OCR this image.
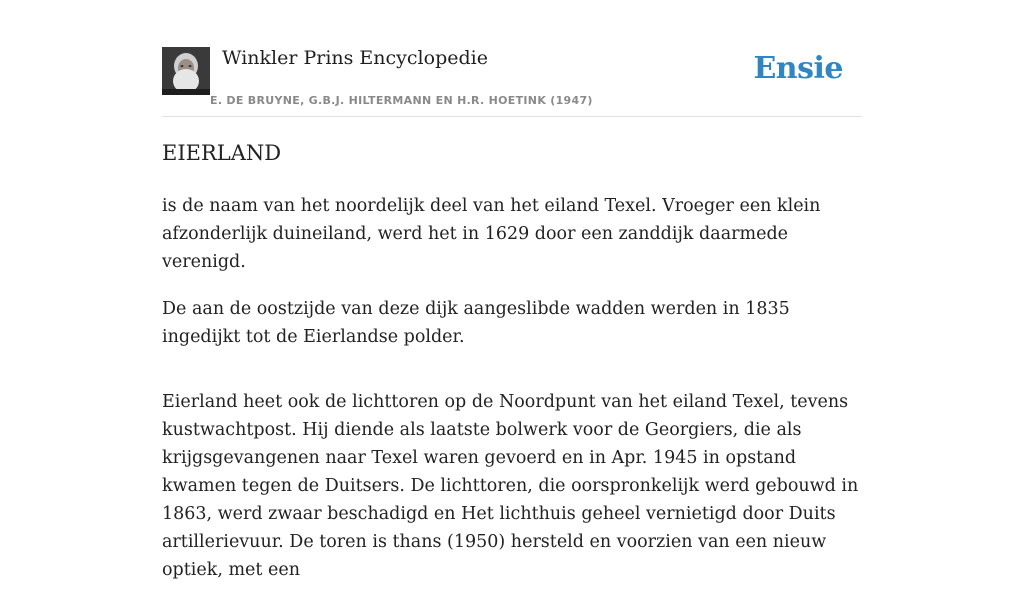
Winkler Prins Encyclopedie
E. DE BRUYNE, G.B.J. HILTERMANN EN H.R. HOETINK (1947)
Ensie
EIERLAND

is de naam van het noordelijk deel van het eiland Texel. Vroeger een klein afzonderlijk duineiland, werd het in 1629 door een zanddijk daarmede verenigd.

De aan de oostzijde van deze dijk aangeslibde wadden werden in 1835 ingedijkt tot de Eierlandse polder.

Eierland heet ook de lichttoren op de Noordpunt van het eiland Texel, tevens kustwachtpost. Hij diende als laatste bolwerk voor de Georgiers, die als krijgsgevangenen naar Texel waren gevoerd en in Apr. 1945 in opstand kwamen tegen de Duitsers. De lichttoren, die oorspronkelijk werd gebouwd in 1863, werd zwaar beschadigd en Het lichthuis geheel vernietigd door Duits artillerievuur. De toren is thans (1950) hersteld en voorzien van een nieuw optiek, met een
